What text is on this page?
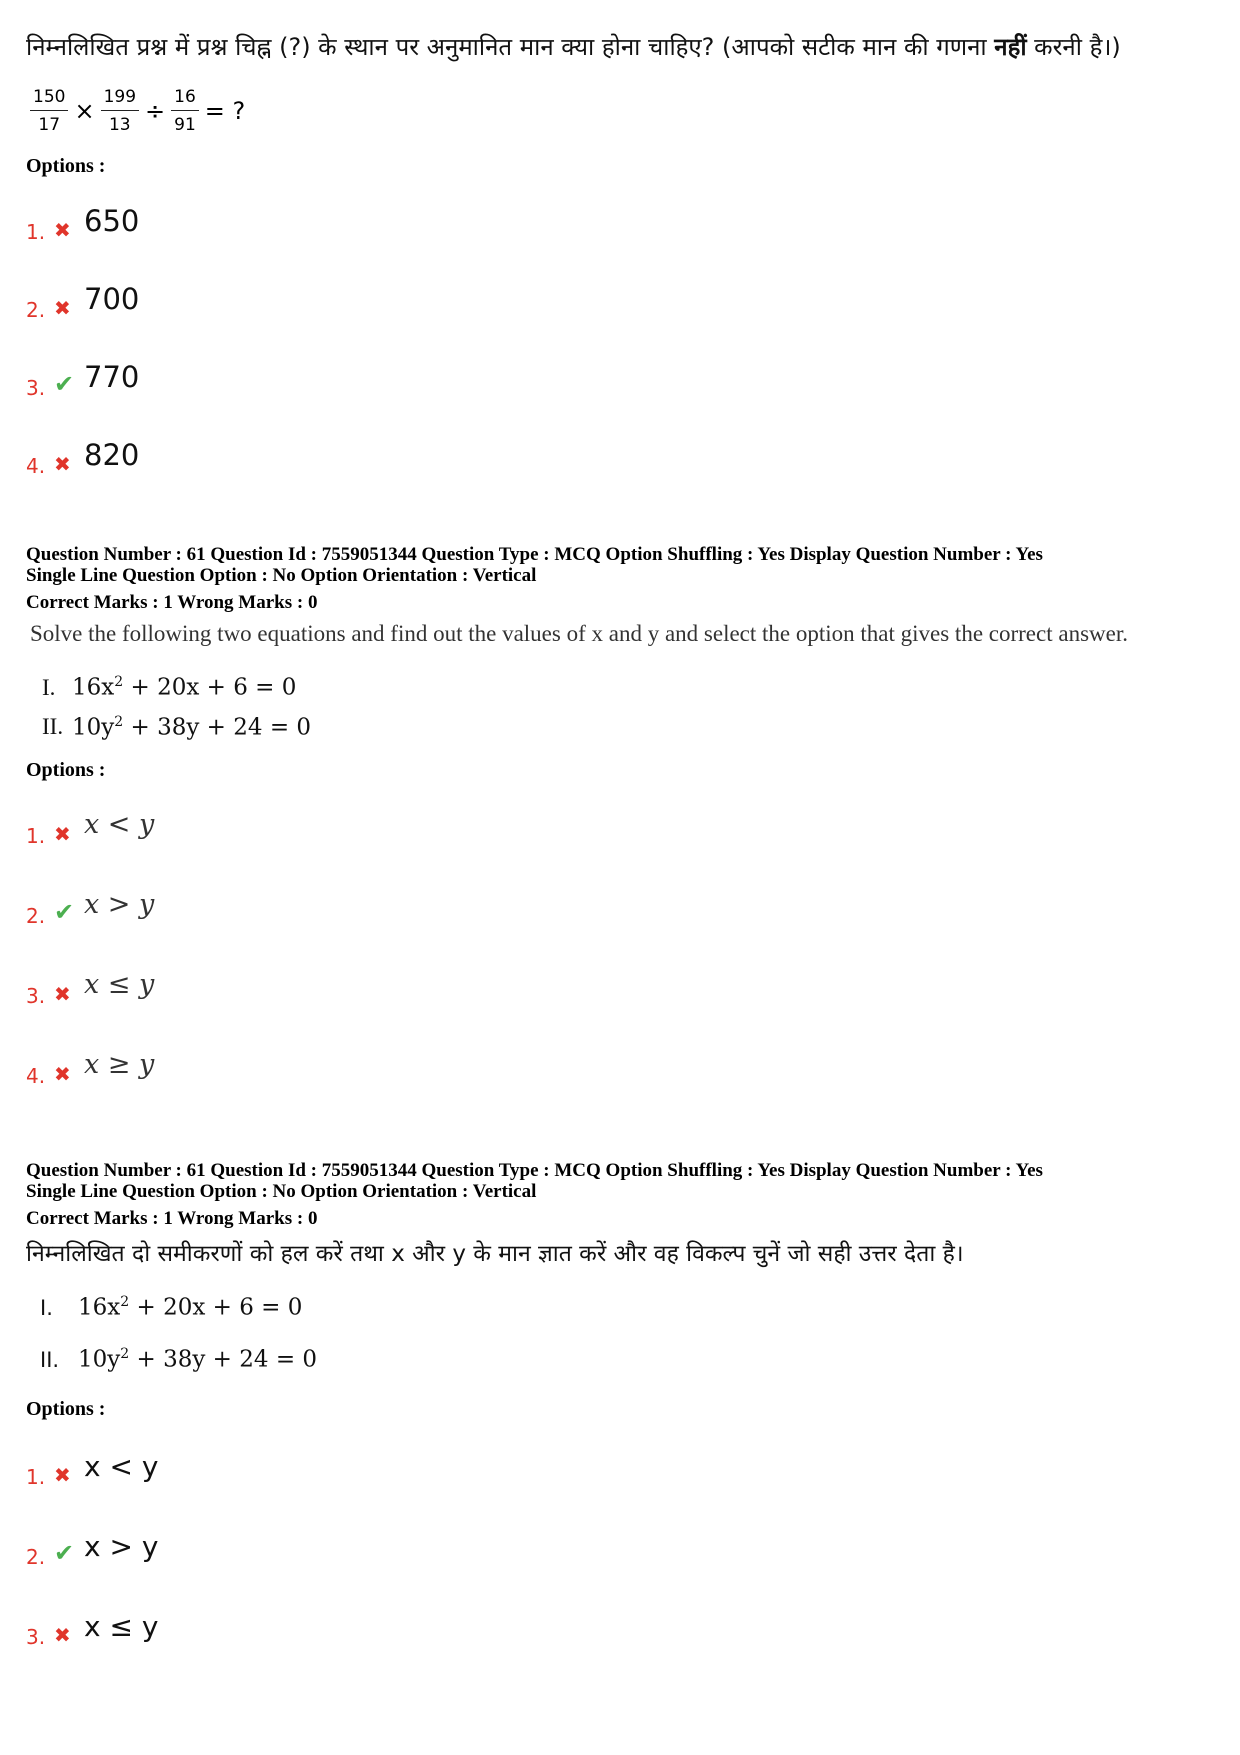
निम्नलिखित प्रश्न में प्रश्न चिह्न (?) के स्थान पर अनुमानित मान क्या होना चाहिए? (आपको सटीक मान की गणना नहीं करनी है।)

$\frac{150}{17} \times \frac{199}{13} \div \frac{16}{91}$ = ?

Options :

1. ✖ 650
2. ✖ 700
3. ✔ 770
4. ✖ 820

Question Number : 61 Question Id : 7559051344 Question Type : MCQ Option Shuffling : Yes Display Question Number : Yes

Single Line Question Option : No Option Orientation : Vertical

Correct Marks : 1 Wrong Marks : 0

Solve the following two equations and find out the values of x and y and select the option that gives the correct answer.

I. $16x^2 + 20x + 6 = 0$
II. $10y^2 + 38y + 24 = 0$

Options :

1. ✖ x < y
2. ✔ x > y
3. ✖ x ≤ y
4. ✖ x ≥ y

Question Number : 61 Question Id : 7559051344 Question Type : MCQ Option Shuffling : Yes Display Question Number : Yes

Single Line Question Option : No Option Orientation : Vertical

Correct Marks : 1 Wrong Marks : 0

निम्नलिखित दो समीकरणों को हल करें तथा x और y के मान ज्ञात करें और वह विकल्प चुनें जो सही उत्तर देता है।

I. $16x^2 + 20x + 6 = 0$
II. $10y^2 + 38y + 24 = 0$

Options :

1. ✖ x < y
2. ✔ x > y
3. ✖ x ≤ y
